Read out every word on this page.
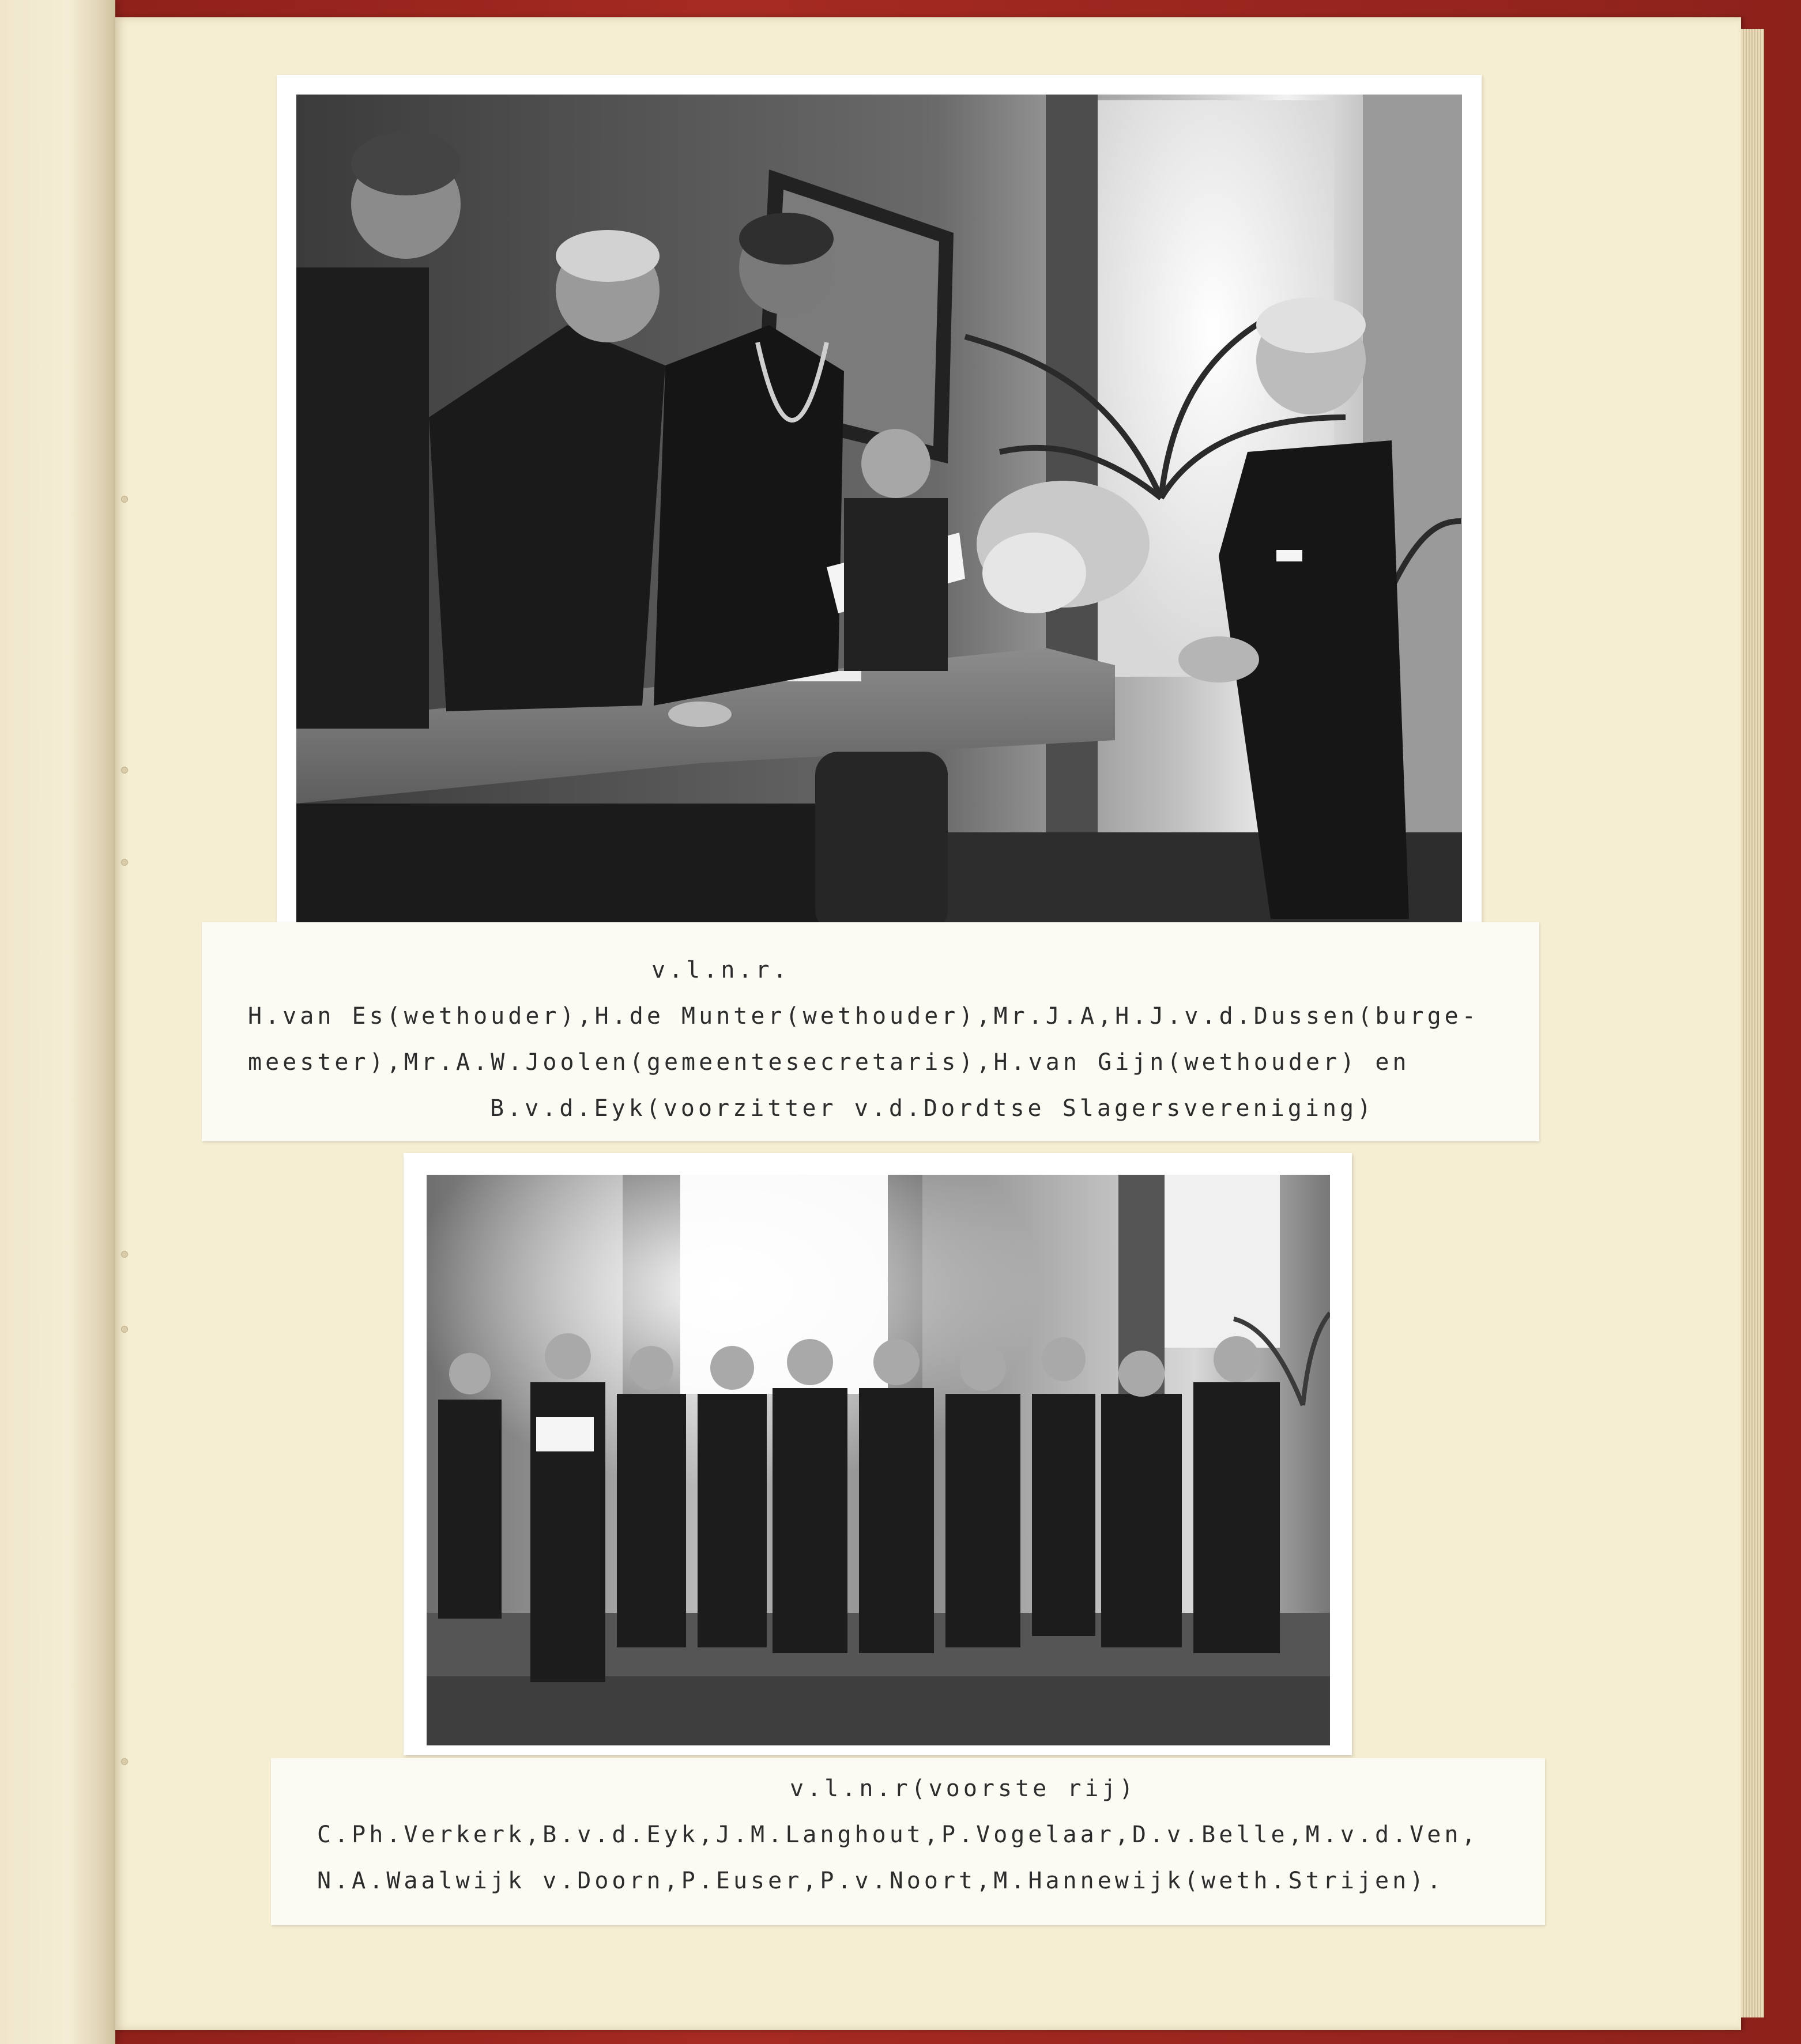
v.l.n.r.
H.van Es(wethouder),H.de Munter(wethouder),Mr.J.A,H.J.v.d.Dussen(burge-
meester),Mr.A.W.Joolen(gemeentesecretaris),H.van Gijn(wethouder) en
B.v.d.Eyk(voorzitter v.d.Dordtse Slagersvereniging)
v.l.n.r(voorste rij)
C.Ph.Verkerk,B.v.d.Eyk,J.M.Langhout,P.Vogelaar,D.v.Belle,M.v.d.Ven,
N.A.Waalwijk v.Doorn,P.Euser,P.v.Noort,M.Hannewijk(weth.Strijen).
